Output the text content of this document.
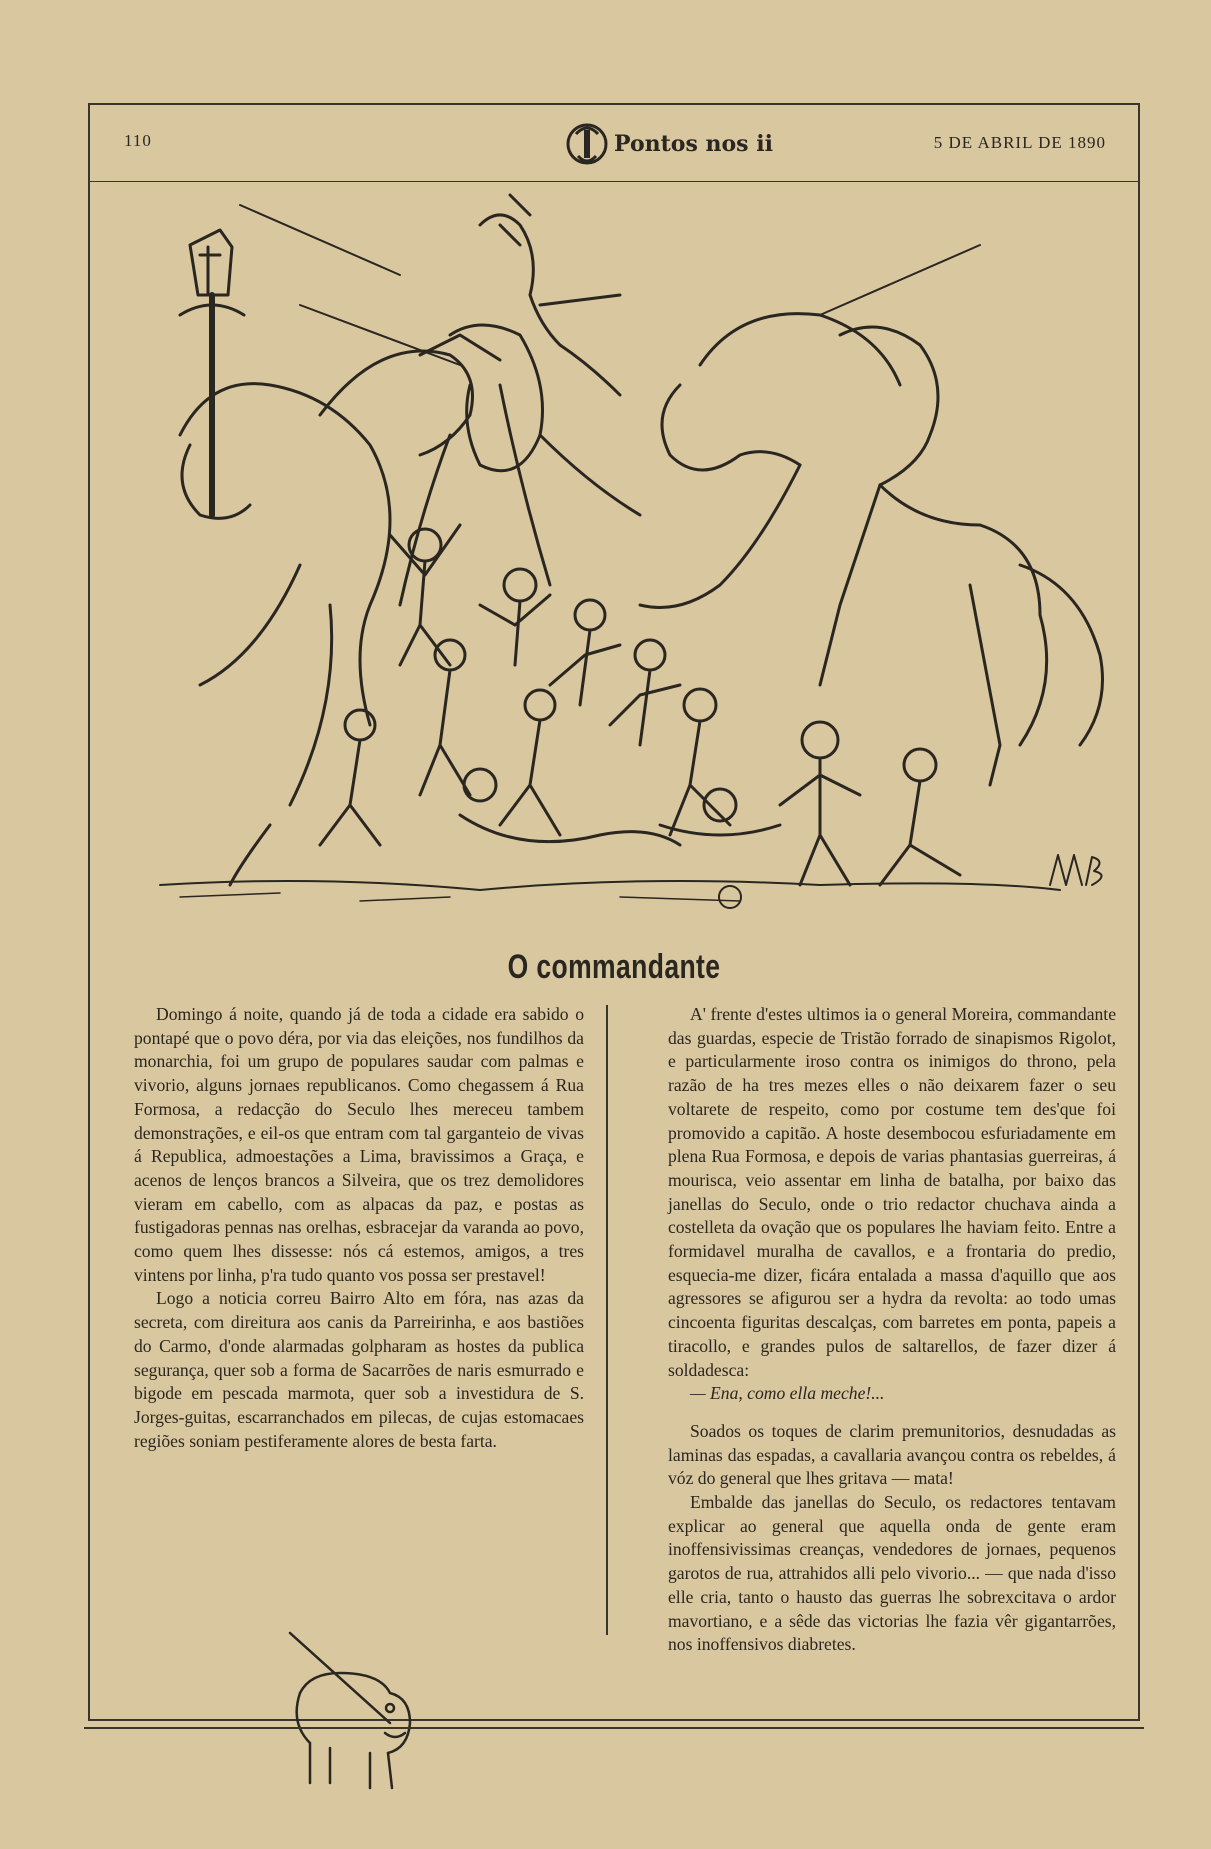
110	Pontos nos ii	5 DE ABRIL DE 1890
O commandante

Domingo á noite, quando já de toda a cidade era sabido o pontapé que o povo déra, por via das eleições, nos fundilhos da monarchia, foi um grupo de populares saudar com palmas e vivorio, alguns jornaes republicanos. Como chegassem á Rua Formosa, a redacção do Seculo lhes mereceu tambem demonstrações, e eil-os que entram com tal garganteio de vivas á Republica, admoestações a Lima, bravissimos a Graça, e acenos de lenços brancos a Silveira, que os trez demolidores vieram em cabello, com as alpacas da paz, e postas as fustigadoras pennas nas orelhas, esbracejar da varanda ao povo, como quem lhes dissesse: nós cá estemos, amigos, a tres vintens por linha, p'ra tudo quanto vos possa ser prestavel!

Logo a noticia correu Bairro Alto em fóra, nas azas da secreta, com direitura aos canis da Parreirinha, e aos bastiões do Carmo, d'onde alarmadas golpharam as hostes da publica segurança, quer sob a forma de Sacarrões de naris esmurrado e bigode em pescada marmota, quer sob a investidura de S. Jorges-guitas, escarranchados em pilecas, de cujas estomacaes regiões soniam pestiferamente alores de besta farta.

A' frente d'estes ultimos ia o general Moreira, commandante das guardas, especie de Tristão forrado de sinapismos Rigolot, e particularmente iroso contra os inimigos do throno, pela razão de ha tres mezes elles o não deixarem fazer o seu voltarete de respeito, como por costume tem des'que foi promovido a capitão. A hoste desembocou esfuriadamente em plena Rua Formosa, e depois de varias phantasias guerreiras, á mourisca, veio assentar em linha de batalha, por baixo das janellas do Seculo, onde o trio redactor chuchava ainda a costelleta da ovação que os populares lhe haviam feito. Entre a formidavel muralha de cavallos, e a frontaria do predio, esquecia-me dizer, ficára entalada a massa d'aquillo que aos agressores se afigurou ser a hydra da revolta: ao todo umas cincoenta figuritas descalças, com barretes em ponta, papeis a tiracollo, e grandes pulos de saltarellos, de fazer dizer á soldadesca:

— Ena, como ella meche!...

Soados os toques de clarim premunitorios, desnudadas as laminas das espadas, a cavallaria avançou contra os rebeldes, á vóz do general que lhes gritava — mata!

Embalde das janellas do Seculo, os redactores tentavam explicar ao general que aquella onda de gente eram inoffensivissimas creanças, vendedores de jornaes, pequenos garotos de rua, attrahidos alli pelo vivorio... — que nada d'isso elle cria, tanto o hausto das guerras lhe sobrexcitava o ardor mavortiano, e a sêde das victorias lhe fazia vêr gigantarrões, nos inoffensivos diabretes.
